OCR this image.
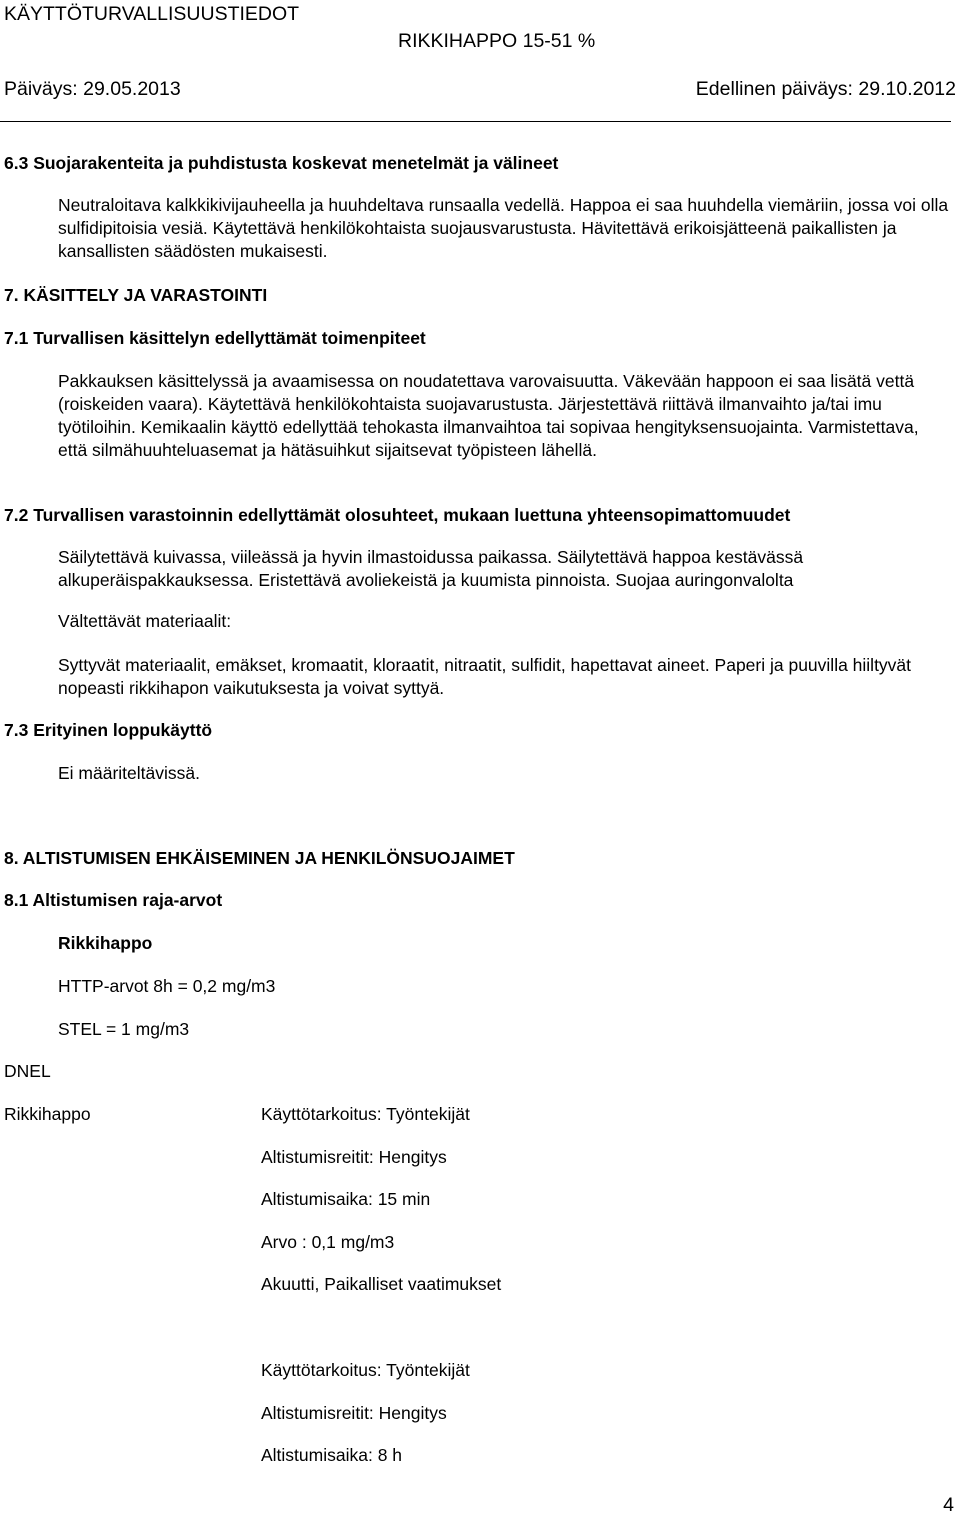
KÄYTTÖTURVALLISUUSTIEDOT
RIKKIHAPPO 15-51 %
Päiväys: 29.05.2013	Edellinen päiväys: 29.10.2012
6.3 Suojarakenteita ja puhdistusta koskevat menetelmät ja välineet
Neutraloitava kalkkikivijauheella ja huuhdeltava runsaalla vedellä. Happoa ei saa huuhdella viemäriin, jossa voi olla sulfidipitoisia vesiä. Käytettävä henkilökohtaista suojausvarustusta. Hävitettävä erikoisjätteenä paikallisten ja kansallisten säädösten mukaisesti.
7. KÄSITTELY JA VARASTOINTI
7.1 Turvallisen käsittelyn edellyttämät toimenpiteet
Pakkauksen käsittelyssä ja avaamisessa on noudatettava varovaisuutta. Väkevään happoon ei saa lisätä vettä (roiskeiden vaara). Käytettävä henkilökohtaista suojavarustusta. Järjestettävä riittävä ilmanvaihto ja/tai imu työtiloihin. Kemikaalin käyttö edellyttää tehokasta ilmanvaihtoa tai sopivaa hengityksensuojainta. Varmistettava, että silmähuuhteluasemat ja hätäsuihkut sijaitsevat työpisteen lähellä.
7.2 Turvallisen varastoinnin edellyttämät olosuhteet, mukaan luettuna yhteensopimattomuudet
Säilytettävä kuivassa, viileässä ja hyvin ilmastoidussa paikassa. Säilytettävä happoa kestävässä alkuperäispakkauksessa. Eristettävä avoliekeistä ja kuumista pinnoista. Suojaa auringonvalolta
Vältettävät materiaalit:
Syttyvät materiaalit, emäkset, kromaatit, kloraatit, nitraatit, sulfidit, hapettavat aineet. Paperi ja puuvilla hiiltyvät nopeasti rikkihapon vaikutuksesta ja voivat syttyä.
7.3 Erityinen loppukäyttö
Ei määriteltävissä.
8. ALTISTUMISEN EHKÄISEMINEN JA HENKILÖNSUOJAIMET
8.1 Altistumisen raja-arvot
Rikkihappo
HTTP-arvot 8h = 0,2 mg/m3
STEL = 1 mg/m3
DNEL
Rikkihappo	Käyttötarkoitus: Työntekijät
Altistumisreitit: Hengitys
Altistumisaika: 15 min
Arvo : 0,1 mg/m3
Akuutti, Paikalliset vaatimukset
Käyttötarkoitus: Työntekijät
Altistumisreitit: Hengitys
Altistumisaika: 8 h
4
